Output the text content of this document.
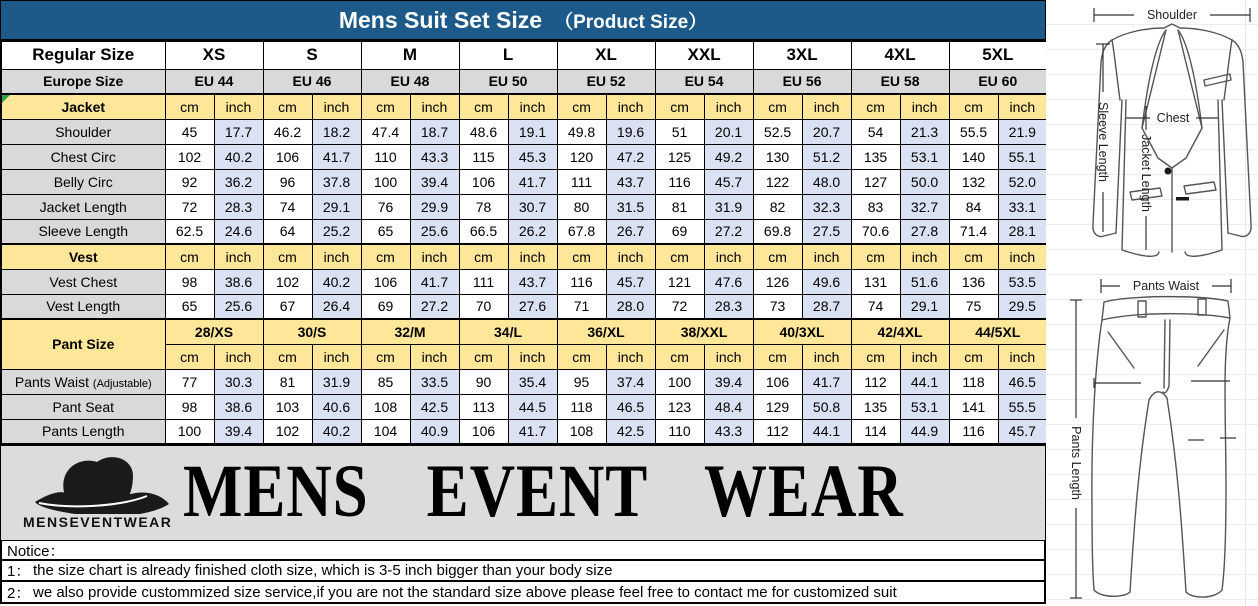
Mens Suit Set Size （Product Size）
Regular Size	XS		S		M		L		XL		XXL		3XL		4XL		5XL	
Europe Size	EU 44		EU 46		EU 48		EU 50		EU 52		EU 54		EU 56		EU 58		EU 60	
Jacket	cm	inch	cm	inch	cm	inch	cm	inch	cm	inch	cm	inch	cm	inch	cm	inch	cm	inch
Shoulder	45	17.7	46.2	18.2	47.4	18.7	48.6	19.1	49.8	19.6	51	20.1	52.5	20.7	54	21.3	55.5	21.9
Chest Circ	102	40.2	106	41.7	110	43.3	115	45.3	120	47.2	125	49.2	130	51.2	135	53.1	140	55.1
Belly Circ	92	36.2	96	37.8	100	39.4	106	41.7	111	43.7	116	45.7	122	48.0	127	50.0	132	52.0
Jacket Length	72	28.3	74	29.1	76	29.9	78	30.7	80	31.5	81	31.9	82	32.3	83	32.7	84	33.1
Sleeve Length	62.5	24.6	64	25.2	65	25.6	66.5	26.2	67.8	26.7	69	27.2	69.8	27.5	70.6	27.8	71.4	28.1
Vest	cm	inch	cm	inch	cm	inch	cm	inch	cm	inch	cm	inch	cm	inch	cm	inch	cm	inch
Vest Chest	98	38.6	102	40.2	106	41.7	111	43.7	116	45.7	121	47.6	126	49.6	131	51.6	136	53.5
Vest Length	65	25.6	67	26.4	69	27.2	70	27.6	71	28.0	72	28.3	73	28.7	74	29.1	75	29.5
Pant Size	28/XS		30/S		32/M		34/L		36/XL		38/XXL		40/3XL		42/4XL		44/5XL	
	cm	inch	cm	inch	cm	inch	cm	inch	cm	inch	cm	inch	cm	inch	cm	inch	cm	inch
Pants Waist (Adjustable)	77	30.3	81	31.9	85	33.5	90	35.4	95	37.4	100	39.4	106	41.7	112	44.1	118	46.5
Pant Seat	98	38.6	103	40.6	108	42.5	113	44.5	118	46.5	123	48.4	129	50.8	135	53.1	141	55.5
Pants Length	100	39.4	102	40.2	104	40.9	106	41.7	108	42.5	110	43.3	112	44.1	114	44.9	116	45.7
MENSEVENTWEAR MENS EVENT WEAR
Notice：
1： the size chart is already finished cloth size, which is 3-5 inch bigger than your body size
2： we also provide custommized size service,if you are not the standard size above please feel free to contact me for customized suit
Shoulder
Chest
Sleeve Length Jacket Length
Pants Waist
Pants Length
